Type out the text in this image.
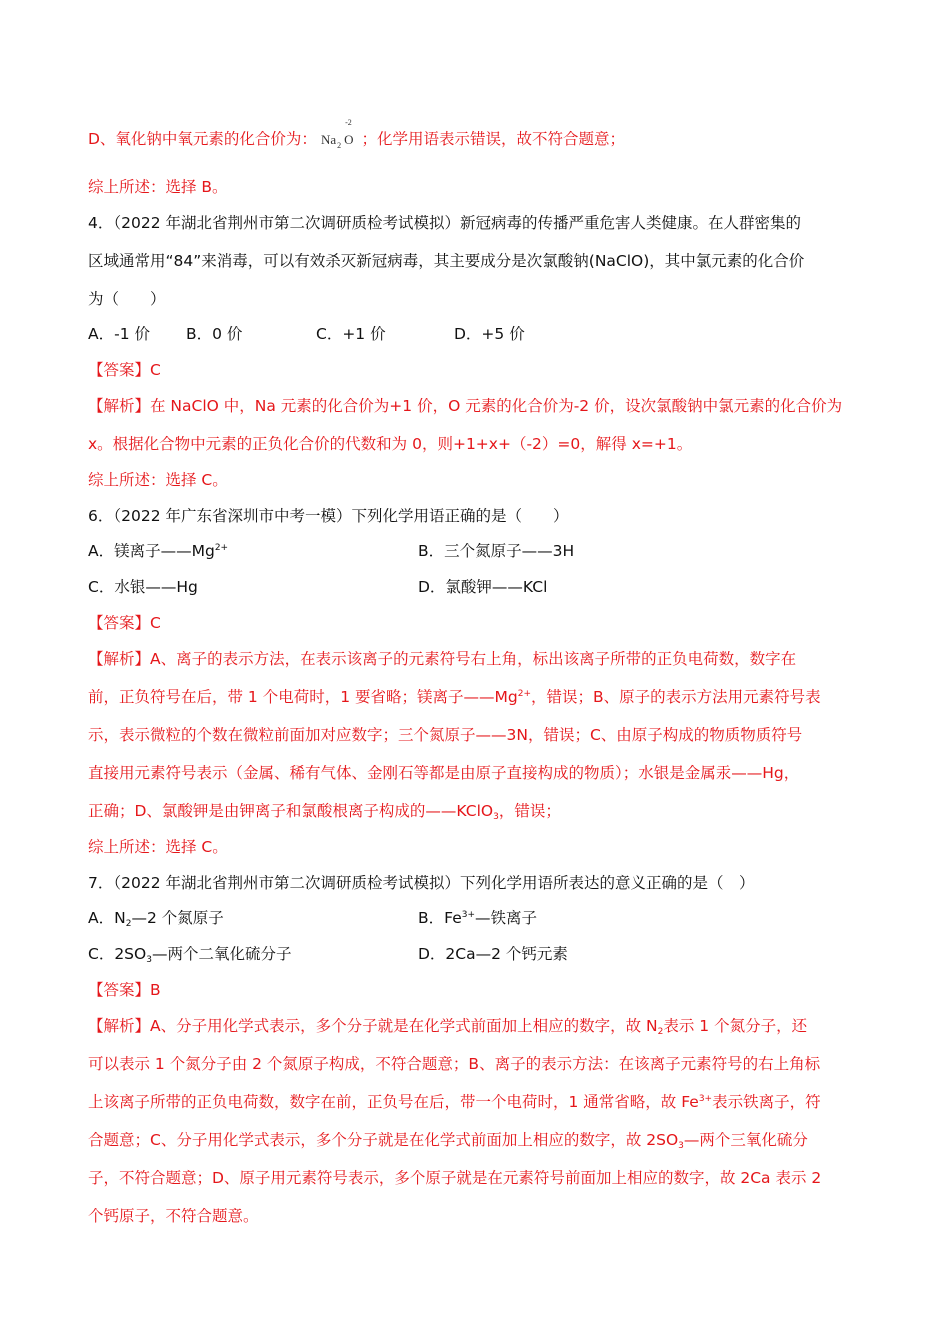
D、氧化钠中氧元素的化合价为： $Na_2$
-2
O ；化学用语表示错误，故不符合题意；
综上所述：选择 B。
4．（2022 年湖北省荆州市第二次调研质检考试模拟）新冠病毒的传播严重危害人类健康。在人群密集的
区域通常用“84”来消毒，可以有效杀灭新冠病毒，其主要成分是次氯酸钠(NaClO)，其中氯元素的化合价
为（　　）
A．-1 价 B．0 价	C．+1 价	D．+5 价
【答案】C
【解析】在 NaClO 中，Na 元素的化合价为+1 价，O 元素的化合价为-2 价，设次氯酸钠中氯元素的化合价为
x。根据化合物中元素的正负化合价的代数和为 0，则+1+x+（-2）=0，解得 x=+1。
综上所述：选择 C。
6．（2022 年广东省深圳市中考一模）下列化学用语正确的是（　　）
A．镁离子$——Mg^{2+}$	B．三个氮原子——3H
C．水银——Hg	D．氯酸钾——KCl
【答案】C
【解析】A、离子的表示方法，在表示该离子的元素符号右上角，标出该离子所带的正负电荷数，数字在
前，正负符号在后，带 1 个电荷时，1 要省略；镁离子$——Mg^{2+}$，错误；B、原子的表示方法用元素符号表
示，表示微粒的个数在微粒前面加对应数字；三个氮原子——3N，错误；C、由原子构成的物质物质符号
直接用元素符号表示（金属、稀有气体、金刚石等都是由原子直接构成的物质）；水银是金属汞——Hg，
正确；D、氯酸钾是由钾离子和氯酸根离子构成的——KClO$_3$，错误；
综上所述：选择 C。
7．（2022 年湖北省荆州市第二次调研质检考试模拟）下列化学用语所表达的意义正确的是（　）
A．$N_2—2$ 个氮原子	B．$Fe^{3+}—$铁离子
C．$2SO_3—$两个二氧化硫分子	D．2Ca—2 个钙元素
【答案】B
【解析】A、分子用化学式表示，多个分子就是在化学式前面加上相应的数字，故 $N_2$表示 1 个氮分子，还
可以表示 1 个氮分子由 2 个氮原子构成，不符合题意；B、离子的表示方法：在该离子元素符号的右上角标
上该离子所带的正负电荷数，数字在前，正负号在后，带一个电荷时，1 通常省略，故 $Fe^{3+}$表示铁离子，符
合题意；C、分子用化学式表示，多个分子就是在化学式前面加上相应的数字，故 $2SO_3—$两个三氧化硫分
子，不符合题意；D、原子用元素符号表示，多个原子就是在元素符号前面加上相应的数字，故 2Ca 表示 2
个钙原子，不符合题意。
